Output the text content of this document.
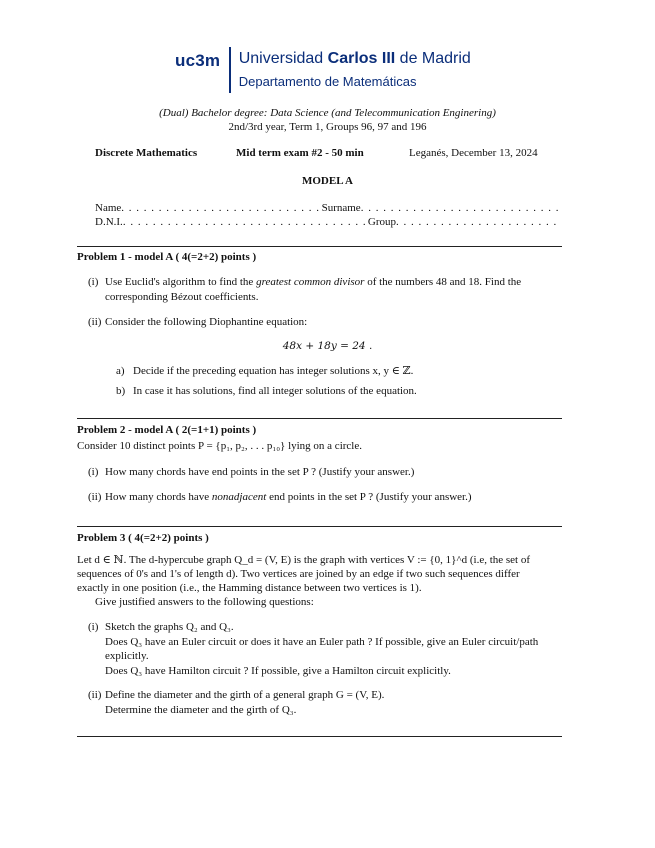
uc3m Universidad Carlos III de Madrid
Departamento de Matemáticas
(Dual) Bachelor degree: Data Science (and Telecommunication Enginering)
2nd/3rd year, Term 1, Groups 96, 97 and 196
Discrete Mathematics	Mid term exam #2 - 50 min	Leganés, December 13, 2024
MODEL A
Name . . .	Surname
. . .
D.N.I. . . .	Group
. . .
Problem 1 - model A ( 4(=2+2) points )
(i) Use Euclid's algorithm to find the greatest common divisor of the numbers 48 and 18. Find the
corresponding Bézout coefficients.
(ii) Consider the following Diophantine equation:
48x + 18y = 24 .
a) Decide if the preceding equation has integer solutions x, y ∈ ℤ.
b) In case it has solutions, find all integer solutions of the equation.
Problem 2 - model A ( 2(=1+1) points )
Consider 10 distinct points P = {p₁, p₂, . . . p₁₀} lying on a circle.
(i) How many chords have end points in the set P ? (Justify your answer.)
(ii) How many chords have nonadjacent end points in the set P ? (Justify your answer.)
Problem 3 ( 4(=2+2) points )
Let d ∈ ℕ. The d-hypercube graph Q_d = (V, E) is the graph with vertices V := {0, 1}^d (i.e, the set of
sequences of 0's and 1's of length d). Two vertices are joined by an edge if two such sequences differ
exactly in one position (i.e., the Hamming distance between two vertices is 1).
Give justified answers to the following questions:
(i) Sketch the graphs Q₂ and Q₃.
Does Q₃ have an Euler circuit or does it have an Euler path ? If possible, give an Euler circuit/path
explicitly.
Does Q₃ have Hamilton circuit ? If possible, give a Hamilton circuit explicitly.
(ii) Define the diameter and the girth of a general graph G = (V, E).
Determine the diameter and the girth of Q₃.
